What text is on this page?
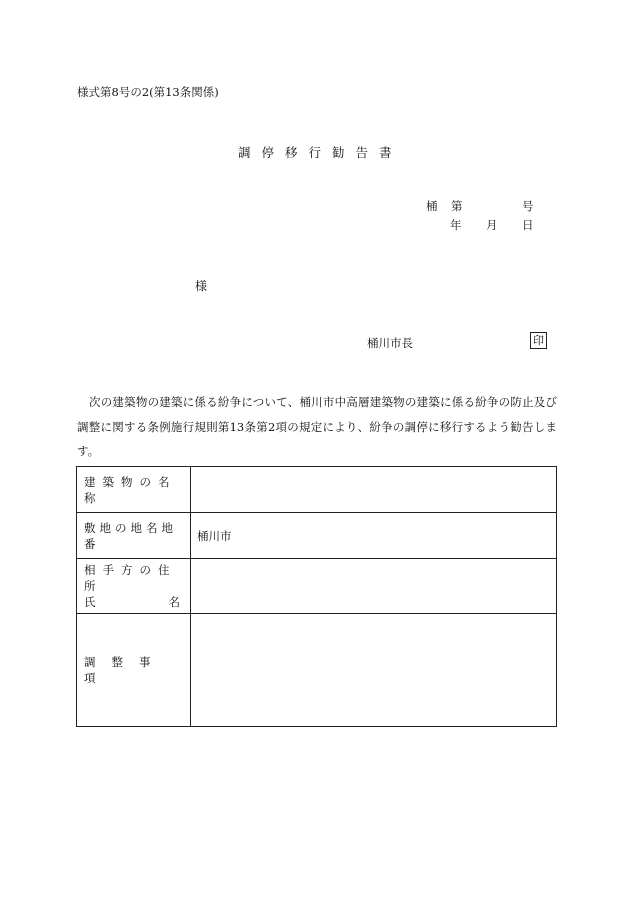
様式第8号の2(第13条関係)
調停移行勧告書
桶 第	号
年 月 日
様
桶川市長	印
次の建築物の建築に係る紛争について、桶川市中高層建築物の建築に係る紛争の防止及び調整に関する条例施行規則第13条第2項の規定により、紛争の調停に移行するよう勧告します。
建築物の名称	
敷地の地名地番	桶川市

相手方の住所
氏 名	

調整事項	
